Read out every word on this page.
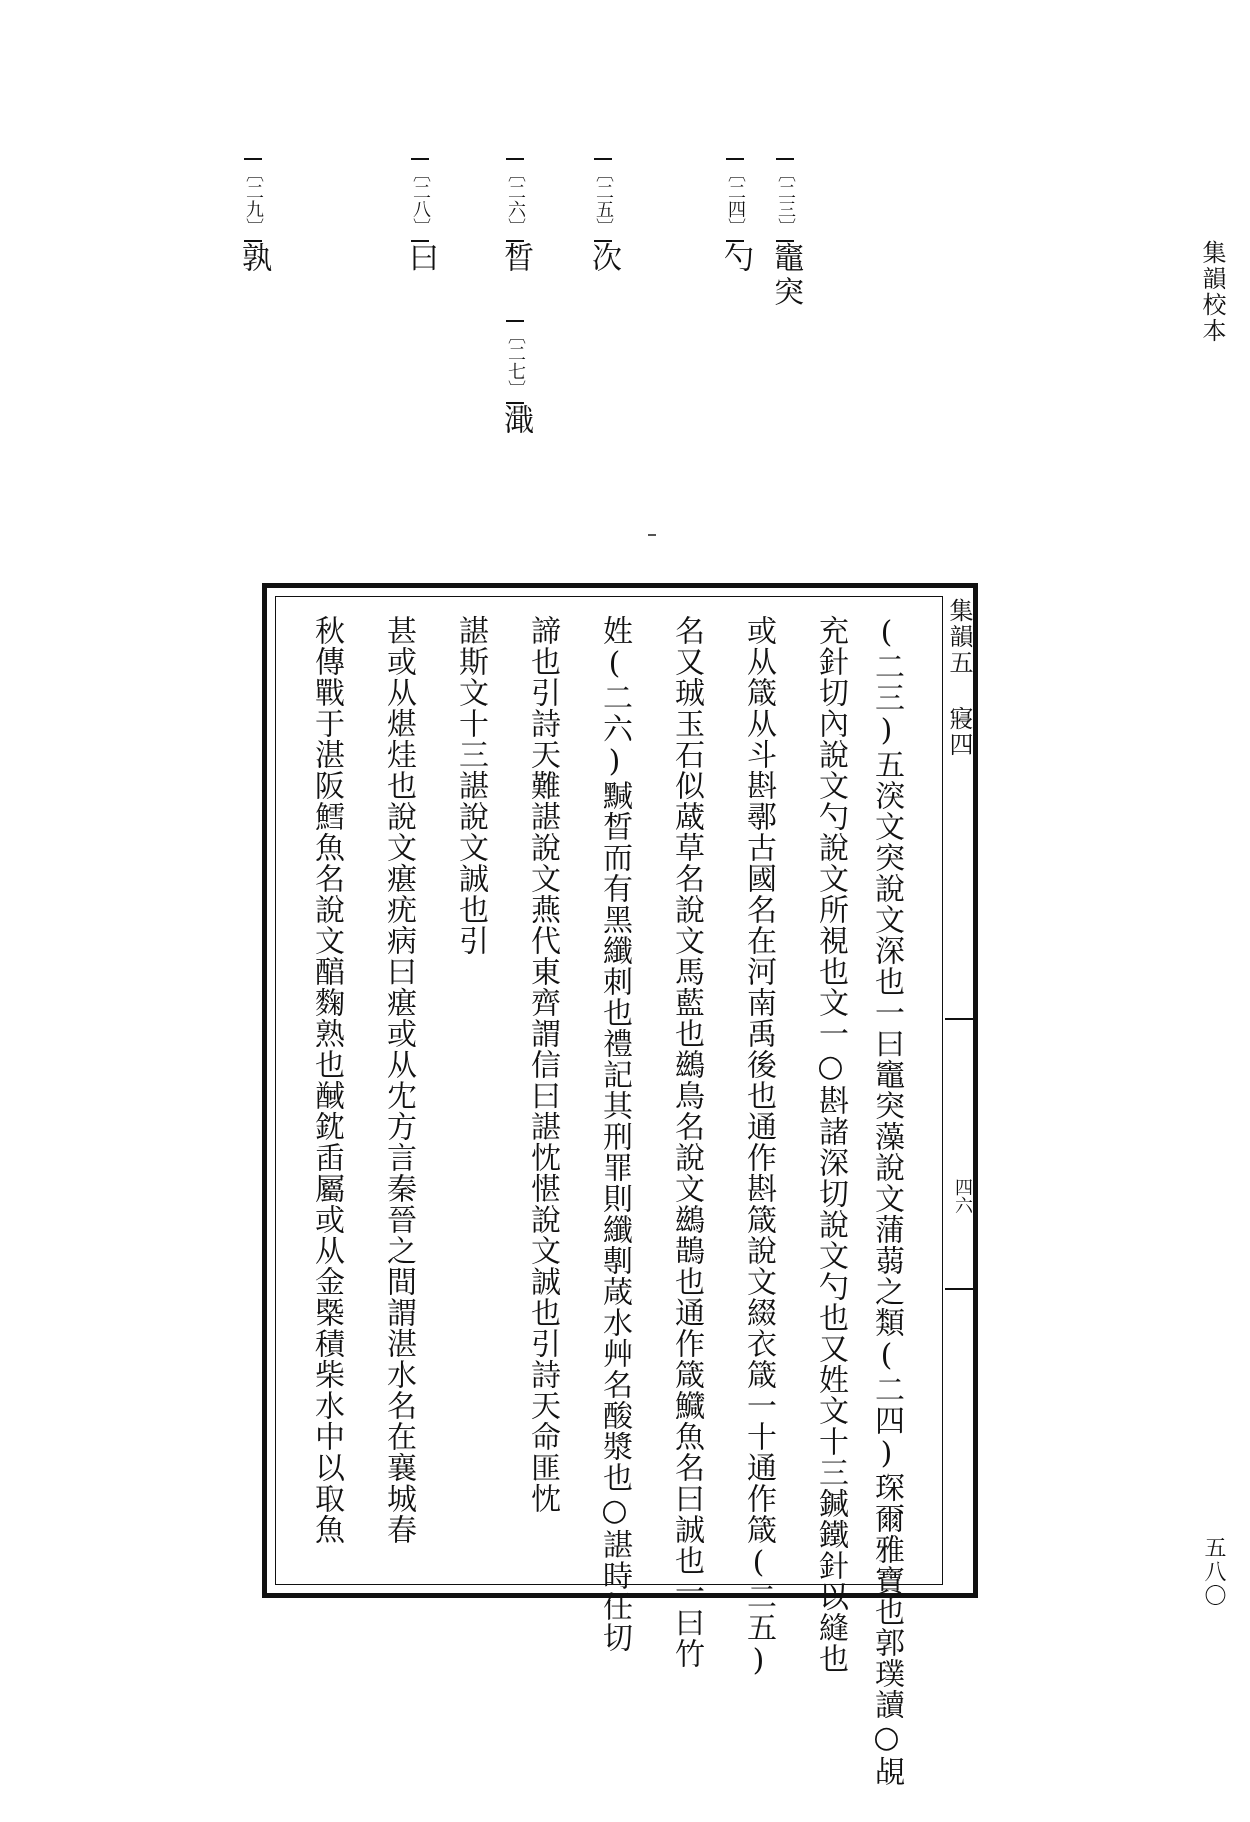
集韻校本
五八〇
〔二三〕竈突
〔二四〕勺
〔二五〕次
〔二六〕晳
〔二七〕濈
〔二八〕曰
〔二九〕孰
(二三)五湥文突說文深也一曰竈突藻說文蒲蒻之類(二四)琛爾雅寶也郭璞讀○覘
充針切內說文勺說文所視也文一○斟諸深切說文勺也又姓文十三鍼鐵針以縫也
或从箴从斗斟鄩古國名在河南禹後也通作斟箴說文綴衣箴一十通作箴(二五)
名又珹玉石似蒧草名說文馬藍也鷀鳥名說文鷀鵲也通作箴鱵魚名曰誠也一曰竹
姓(二六)黬晳而有黑纖刺也禮記其刑罪則纖剸葴水艸名酸漿也○諶時任切
諦也引詩天難諶說文燕代東齊謂信曰諶忱愖說文誠也引詩天命匪忱
諶斯文十三諶說文誠也引
甚或从煁烓也說文瘎疣病曰瘎或从冘方言秦晉之間謂湛水名在襄城春
秋傳戰于湛阪鱈魚名說文醕麴熟也䤋鈂臿屬或从金㮣積柴水中以取魚	集韻五 寢四
四六
